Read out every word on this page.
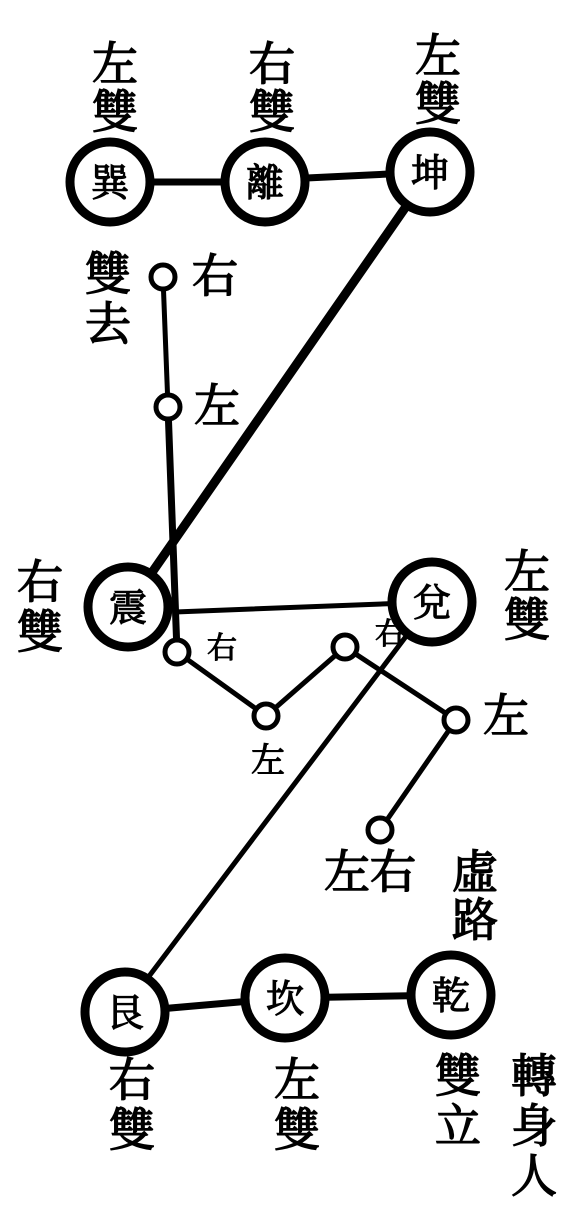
巽	離	坤
震	兌
艮	坎	乾
左
雙
右
雙
左
雙
雙
去
右
左
右
雙
左
雙
右
左
右
左
左右 虛
路
右
雙
左
雙
雙
立
轉
身
人
